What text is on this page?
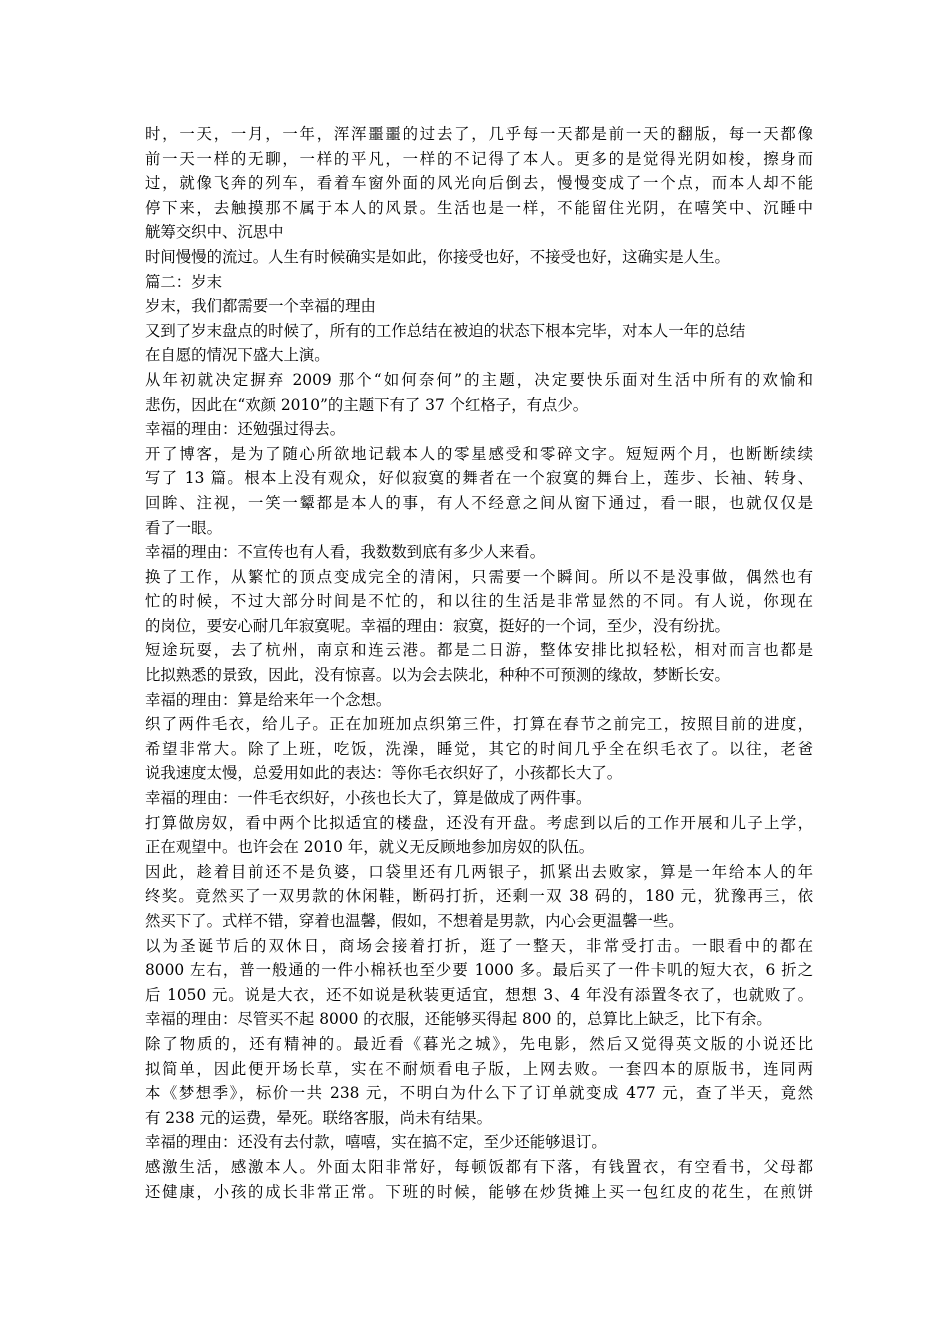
时，一天，一月，一年，浑浑噩噩的过去了，几乎每一天都是前一天的翻版，每一天都像
前一天一样的无聊，一样的平凡，一样的不记得了本人。更多的是觉得光阴如梭，擦身而
过，就像飞奔的列车，看着车窗外面的风光向后倒去，慢慢变成了一个点，而本人却不能
停下来，去触摸那不属于本人的风景。生活也是一样，不能留住光阴，在嘻笑中、沉睡中
觥筹交织中、沉思中
时间慢慢的流过。人生有时候确实是如此，你接受也好，不接受也好，这确实是人生。
篇二：岁末
岁末，我们都需要一个幸福的理由
又到了岁末盘点的时候了，所有的工作总结在被迫的状态下根本完毕，对本人一年的总结
在自愿的情况下盛大上演。
从年初就决定摒弃 2009 那个“如何奈何”的主题，决定要快乐面对生活中所有的欢愉和
悲伤，因此在“欢颜 2010”的主题下有了 37 个红格子，有点少。
幸福的理由：还勉强过得去。
开了博客，是为了随心所欲地记载本人的零星感受和零碎文字。短短两个月，也断断续续
写了 13 篇。根本上没有观众，好似寂寞的舞者在一个寂寞的舞台上，莲步、长袖、转身、
回眸、注视，一笑一颦都是本人的事，有人不经意之间从窗下通过，看一眼，也就仅仅是
看了一眼。
幸福的理由：不宣传也有人看，我数数到底有多少人来看。
换了工作，从繁忙的顶点变成完全的清闲，只需要一个瞬间。所以不是没事做，偶然也有
忙的时候，不过大部分时间是不忙的，和以往的生活是非常显然的不同。有人说，你现在
的岗位，要安心耐几年寂寞呢。幸福的理由：寂寞，挺好的一个词，至少，没有纷扰。
短途玩耍，去了杭州，南京和连云港。都是二日游，整体安排比拟轻松，相对而言也都是
比拟熟悉的景致，因此，没有惊喜。以为会去陕北，种种不可预测的缘故，梦断长安。
幸福的理由：算是给来年一个念想。
织了两件毛衣，给儿子。正在加班加点织第三件，打算在春节之前完工，按照目前的进度，
希望非常大。除了上班，吃饭，洗澡，睡觉，其它的时间几乎全在织毛衣了。以往，老爸
说我速度太慢，总爱用如此的表达：等你毛衣织好了，小孩都长大了。
幸福的理由：一件毛衣织好，小孩也长大了，算是做成了两件事。
打算做房奴，看中两个比拟适宜的楼盘，还没有开盘。考虑到以后的工作开展和儿子上学，
正在观望中。也许会在 2010 年，就义无反顾地参加房奴的队伍。
因此，趁着目前还不是负婆，口袋里还有几两银子，抓紧出去败家，算是一年给本人的年
终奖。竟然买了一双男款的休闲鞋，断码打折，还剩一双 38 码的，180 元，犹豫再三，依
然买下了。式样不错，穿着也温馨，假如，不想着是男款，内心会更温馨一些。
以为圣诞节后的双休日，商场会接着打折，逛了一整天，非常受打击。一眼看中的都在
8000 左右，普一般通的一件小棉袄也至少要 1000 多。最后买了一件卡叽的短大衣，6 折之
后 1050 元。说是大衣，还不如说是秋装更适宜，想想 3、4 年没有添置冬衣了，也就败了。
幸福的理由：尽管买不起 8000 的衣服，还能够买得起 800 的，总算比上缺乏，比下有余。
除了物质的，还有精神的。最近看《暮光之城》，先电影，然后又觉得英文版的小说还比
拟简单，因此便开场长草，实在不耐烦看电子版，上网去败。一套四本的原版书，连同两
本《梦想季》，标价一共 238 元，不明白为什么下了订单就变成 477 元，查了半天，竟然
有 238 元的运费，晕死。联络客服，尚未有结果。
幸福的理由：还没有去付款，嘻嘻，实在搞不定，至少还能够退订。
感激生活，感激本人。外面太阳非常好，每顿饭都有下落，有钱置衣，有空看书，父母都
还健康，小孩的成长非常正常。下班的时候，能够在炒货摊上买一包红皮的花生，在煎饼
